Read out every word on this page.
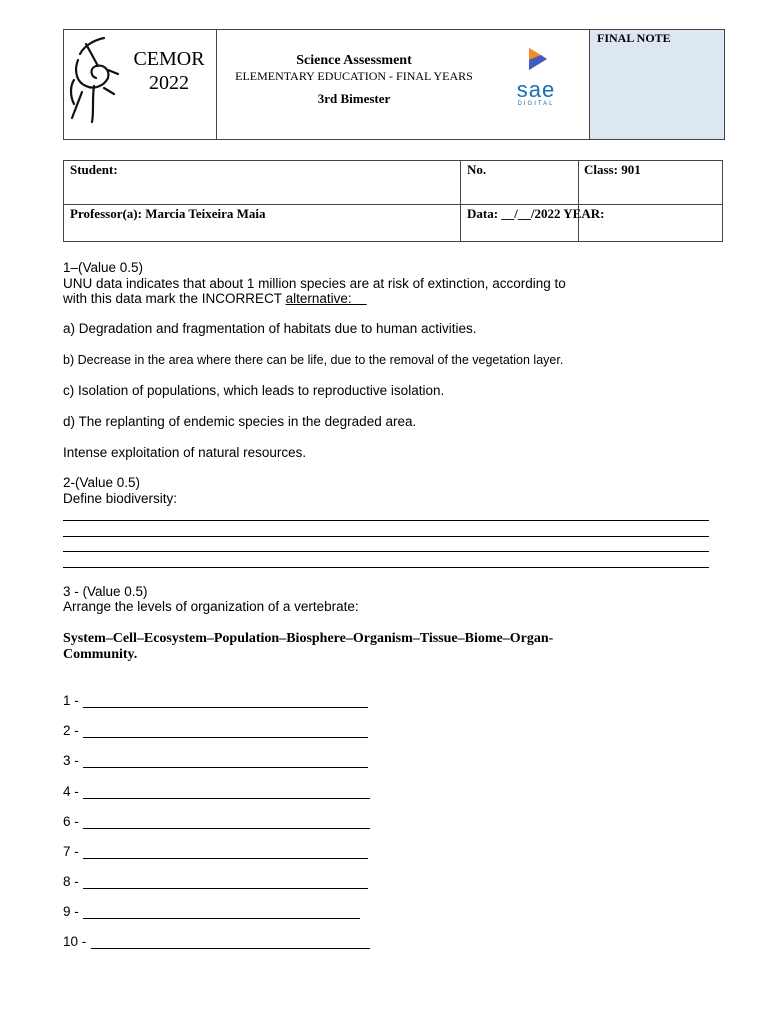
CEMOR
2022
Science Assessment
ELEMENTARY EDUCATION - FINAL YEARS
3rd Bimester	sae
DIGITAL
FINAL NOTE
Student:	No.	Class: 901
Professor(a): Marcia Teixeira Maia	Data: __/__/2022 YEAR:
1–(Value 0.5)
UNU data indicates that about 1 million species are at risk of extinction, according to
with this data mark the INCORRECT alternative:
a) Degradation and fragmentation of habitats due to human activities.
b) Decrease in the area where there can be life, due to the removal of the vegetation layer.
c) Isolation of populations, which leads to reproductive isolation.
d) The replanting of endemic species in the degraded area.
Intense exploitation of natural resources.
2-(Value 0.5)
Define biodiversity:
3 - (Value 0.5)
Arrange the levels of organization of a vertebrate:
System–Cell–Ecosystem–Population–Biosphere–Organism–Tissue–Biome–Organ-Community.
1 -
2 -
3 -
4 -
6 -
7 -
8 -
9 -
10 -
